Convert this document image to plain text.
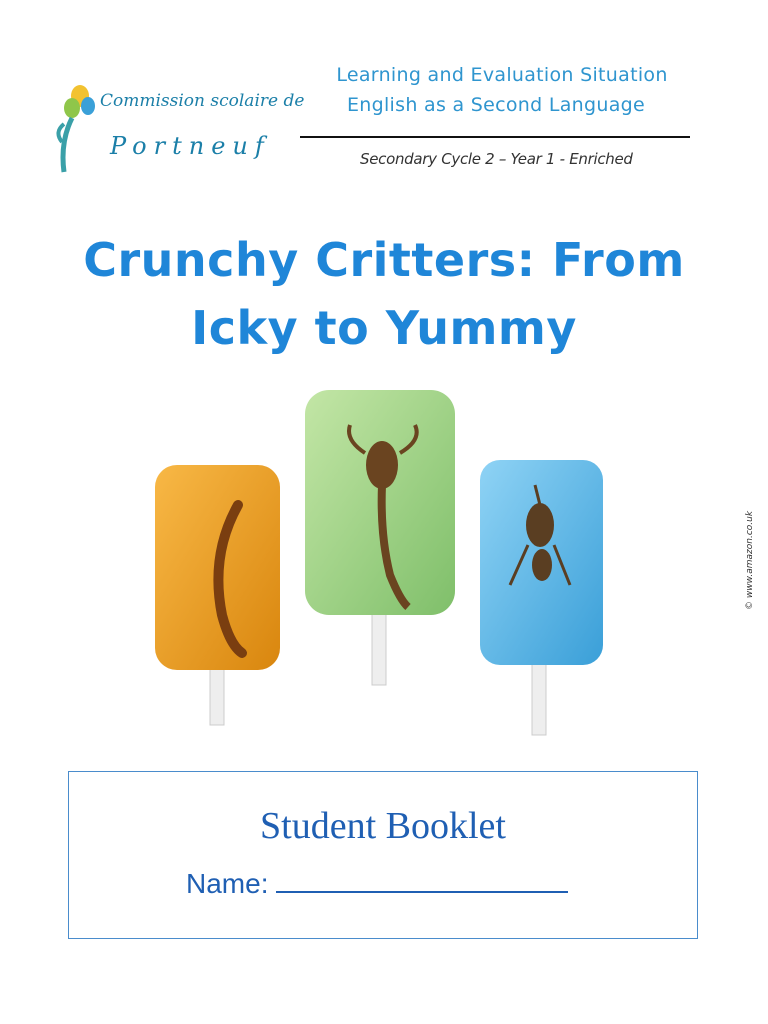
Commission scolaire de
Portneuf
Learning and Evaluation Situation
English as a Second Language
Secondary Cycle 2 – Year 1 - Enriched
Crunchy Critters: From
Icky to Yummy
© www.amazon.co.uk
Student Booklet
Name:
